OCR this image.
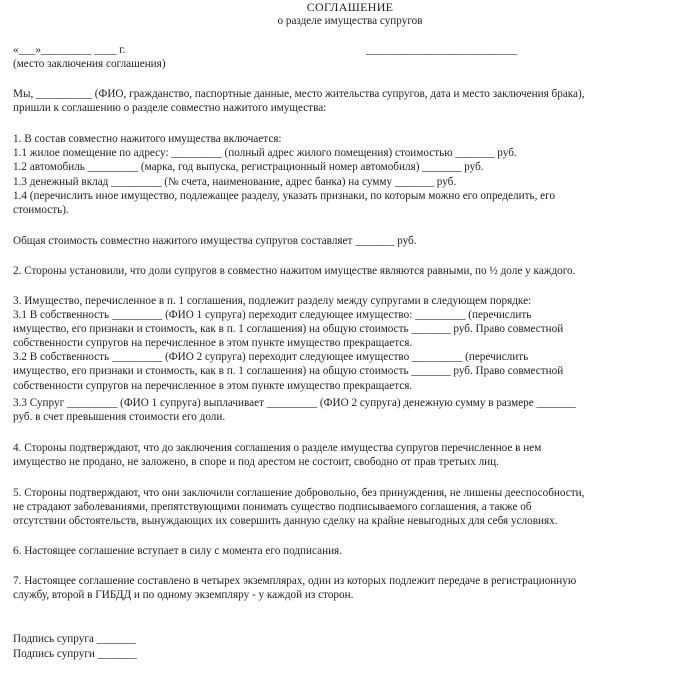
СОГЛАШЕНИЕ
о разделе имущества супругов
«___»_________ ____ г.	___________________________
(место заключения соглашения)
Мы, __________ (ФИО, гражданство, паспортные данные, место жительства супругов, дата и место заключения брака),
пришли к соглашению о разделе совместно нажитого имущества:
1. В состав совместно нажитого имущества включается:
1.1 жилое помещение по адресу: _________ (полный адрес жилого помещения) стоимостью _______ руб.
1.2 автомобиль _________ (марка, год выпуска, регистрационный номер автомобиля) _______ руб.
1.3 денежный вклад _________ (№ счета, наименование, адрес банка) на сумму _______ руб.
1.4 (перечислить иное имущество, подлежащее разделу, указать признаки, по которым можно его определить, его
стоимость).
Общая стоимость совместно нажитого имущества супругов составляет _______ руб.
2. Стороны установили, что доли супругов в совместно нажитом имуществе являются равными, по ½ доле у каждого.
3. Имущество, перечисленное в п. 1 соглашения, подлежит разделу между супругами в следующем порядке:
3.1 В собственность _________ (ФИО 1 супруга) переходит следующее имущество: _________ (перечислить
имущество, его признаки и стоимость, как в п. 1 соглашения) на общую стоимость _______ руб. Право совместной
собственности супругов на перечисленное в этом пункте имущество прекращается.
3.2 В собственность _________ (ФИО 2 супруга) переходит следующее имущество _________ (перечислить
имущество, его признаки и стоимость, как в п. 1 соглашения) на общую стоимость _______ руб. Право совместной
собственности супругов на перечисленное в этом пункте имущество прекращается.
3.3 Супруг _________ (ФИО 1 супруга) выплачивает _________ (ФИО 2 супруга) денежную сумму в размере _______
руб. в счет превышения стоимости его доли.
4. Стороны подтверждают, что до заключения соглашения о разделе имущества супругов перечисленное в нем
имущество не продано, не заложено, в споре и под арестом не состоит, свободно от прав третьих лиц.
5. Стороны подтверждают, что они заключили соглашение добровольно, без принуждения, не лишены дееспособности,
не страдают заболеваниями, препятствующими понимать существо подписываемого соглашения, а также об
отсутствии обстоятельств, вынуждающих их совершить данную сделку на крайне невыгодных для себя условиях.
6. Настоящее соглашение вступает в силу с момента его подписания.
7. Настоящее соглашение составлено в четырех экземплярах, один из которых подлежит передаче в регистрационную
службу, второй в ГИБДД и по одному экземпляру - у каждой из сторон.
Подпись супруга _______
Подпись супруги _______
